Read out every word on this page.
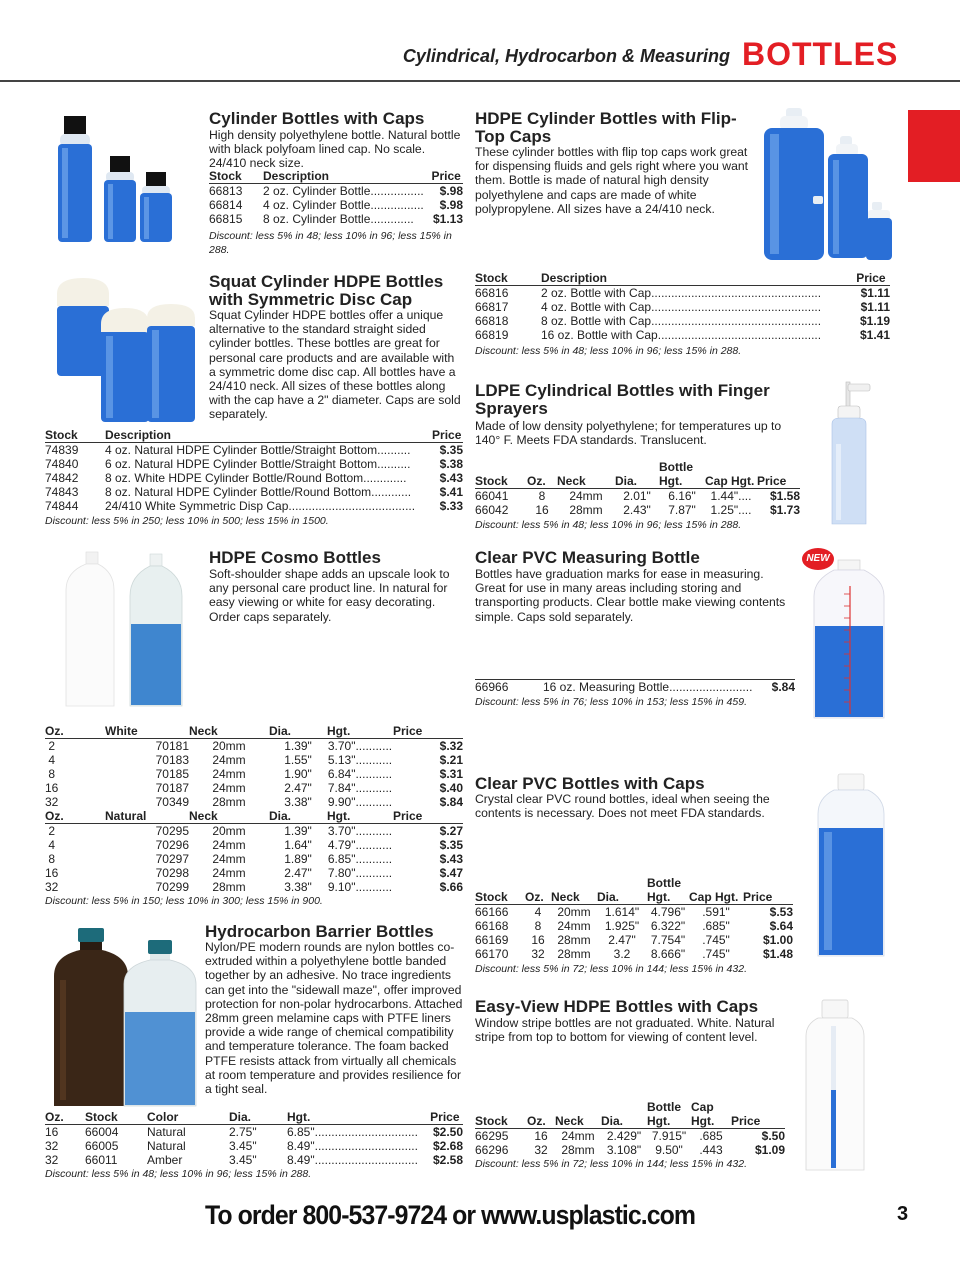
Cylindrical, Hydrocarbon & Measuring BOTTLES
Cylinder Bottles with Caps
High density polyethylene bottle. Natural bottle with black polyfoam lined cap. No scale. 24/410 neck size.
Stock	Description	Price
66813	2 oz. Cylinder Bottle................	$.98
66814	4 oz. Cylinder Bottle................	$.98
66815	8 oz. Cylinder Bottle.............	$1.13
Discount: less 5% in 48; less 10% in 96; less 15% in 288.
HDPE Cylinder Bottles with Flip-Top Caps
These cylinder bottles with flip top caps work great for dispensing fluids and gels right where you want them. Bottle is made of natural high density polyethylene and caps are made of white polypropylene. All sizes have a 24/410 neck.
Stock	Description	Price
66816	2 oz. Bottle with Cap...................................................	$1.11
66817	4 oz. Bottle with Cap...................................................	$1.11
66818	8 oz. Bottle with Cap...................................................	$1.19
66819	16 oz. Bottle with Cap.................................................	$1.41
Discount: less 5% in 48; less 10% in 96; less 15% in 288.
Squat Cylinder HDPE Bottles with Symmetric Disc Cap
Squat Cylinder HDPE bottles offer a unique alternative to the standard straight sided cylinder bottles. These bottles are great for personal care products and are available with a symmetric dome disc cap. All bottles have a 24/410 neck. All sizes of these bottles along with the cap have a 2" diameter. Caps are sold separately.
Stock	Description	Price
74839	4 oz. Natural HDPE Cylinder Bottle/Straight Bottom..........	$.35
74840	6 oz. Natural HDPE Cylinder Bottle/Straight Bottom..........	$.38
74842	8 oz. White HDPE Cylinder Bottle/Round Bottom.............	$.43
74843	8 oz. Natural HDPE Cylinder Bottle/Round Bottom............	$.41
74844	24/410 White Symmetric Disp Cap......................................	$.33
Discount: less 5% in 250; less 10% in 500; less 15% in 1500.
LDPE Cylindrical Bottles with Finger Sprayers
Made of low density polyethylene; for temperatures up to 140° F. Meets FDA standards. Translucent.
Stock	Oz.	Neck	Dia.	Bottle Hgt.	Cap Hgt.	Price
66041	8	24mm	2.01"	6.16"	1.44"....	$1.58
66042	16	28mm	2.43"	7.87"	1.25"....	$1.73
Discount: less 5% in 48; less 10% in 96; less 15% in 288.
HDPE Cosmo Bottles
Soft-shoulder shape adds an upscale look to any personal care product line. In natural for easy viewing or white for easy decorating. Order caps separately.
Oz.	White	Neck	Dia.	Hgt.	Price
2	70181	20mm	1.39"	3.70"...........	$.32
4	70183	24mm	1.55"	5.13"...........	$.21
8	70185	24mm	1.90"	6.84"...........	$.31
16	70187	24mm	2.47"	7.84"...........	$.40
32	70349	28mm	3.38"	9.90"...........	$.84
Oz.	Natural	Neck	Dia.	Hgt.	Price
2	70295	20mm	1.39"	3.70"...........	$.27
4	70296	24mm	1.64"	4.79"...........	$.35
8	70297	24mm	1.89"	6.85"...........	$.43
16	70298	24mm	2.47"	7.80"...........	$.47
32	70299	28mm	3.38"	9.10"...........	$.66
Discount: less 5% in 150; less 10% in 300; less 15% in 900.
NEW
Clear PVC Measuring Bottle
Bottles have graduation marks for ease in measuring. Great for use in many areas including storing and transporting products. Clear bottle make viewing contents simple. Caps sold separately.
66966	16 oz. Measuring Bottle.........................	$.84
Discount: less 5% in 76; less 10% in 153; less 15% in 459.
Clear PVC Bottles with Caps
Crystal clear PVC round bottles, ideal when seeing the contents is necessary. Does not meet FDA standards.
Stock	Oz.	Neck	Dia.	Bottle Hgt.	Cap Hgt.	Price
66166	4	20mm	1.614"	4.796"	.591"	$.53
66168	8	24mm	1.925"	6.322"	.685"	$.64
66169	16	28mm	2.47"	7.754"	.745"	$1.00
66170	32	28mm	3.2	8.666"	.745"	$1.48
Discount: less 5% in 72; less 10% in 144; less 15% in 432.
Hydrocarbon Barrier Bottles
Nylon/PE modern rounds are nylon bottles co-extruded within a polyethylene bottle banded together by an adhesive. No trace ingredients can get into the "sidewall maze", offer improved protection for non-polar hydrocarbons. Attached 28mm green melamine caps with PTFE liners provide a wide range of chemical compatibility and temperature tolerance. The foam backed PTFE resists attack from virtually all chemicals at room temperature and provides resilience for a tight seal.
Oz.	Stock	Color	Dia.	Hgt.	Price
16	66004	Natural	2.75"	6.85"...............................	$2.50
32	66005	Natural	3.45"	8.49"...............................	$2.68
32	66011	Amber	3.45"	8.49"...............................	$2.58
Discount: less 5% in 48; less 10% in 96; less 15% in 288.
Easy-View HDPE Bottles with Caps
Window stripe bottles are not graduated. White. Natural stripe from top to bottom for viewing of content level.
Stock	Oz.	Neck	Dia.	Bottle Hgt.	Cap Hgt.	Price
66295	16	24mm	2.429"	7.915"	.685	$.50
66296	32	28mm	3.108"	9.50"	.443	$1.09
Discount: less 5% in 72; less 10% in 144; less 15% in 432.
To order 800-537-9724 or www.usplastic.com	3
